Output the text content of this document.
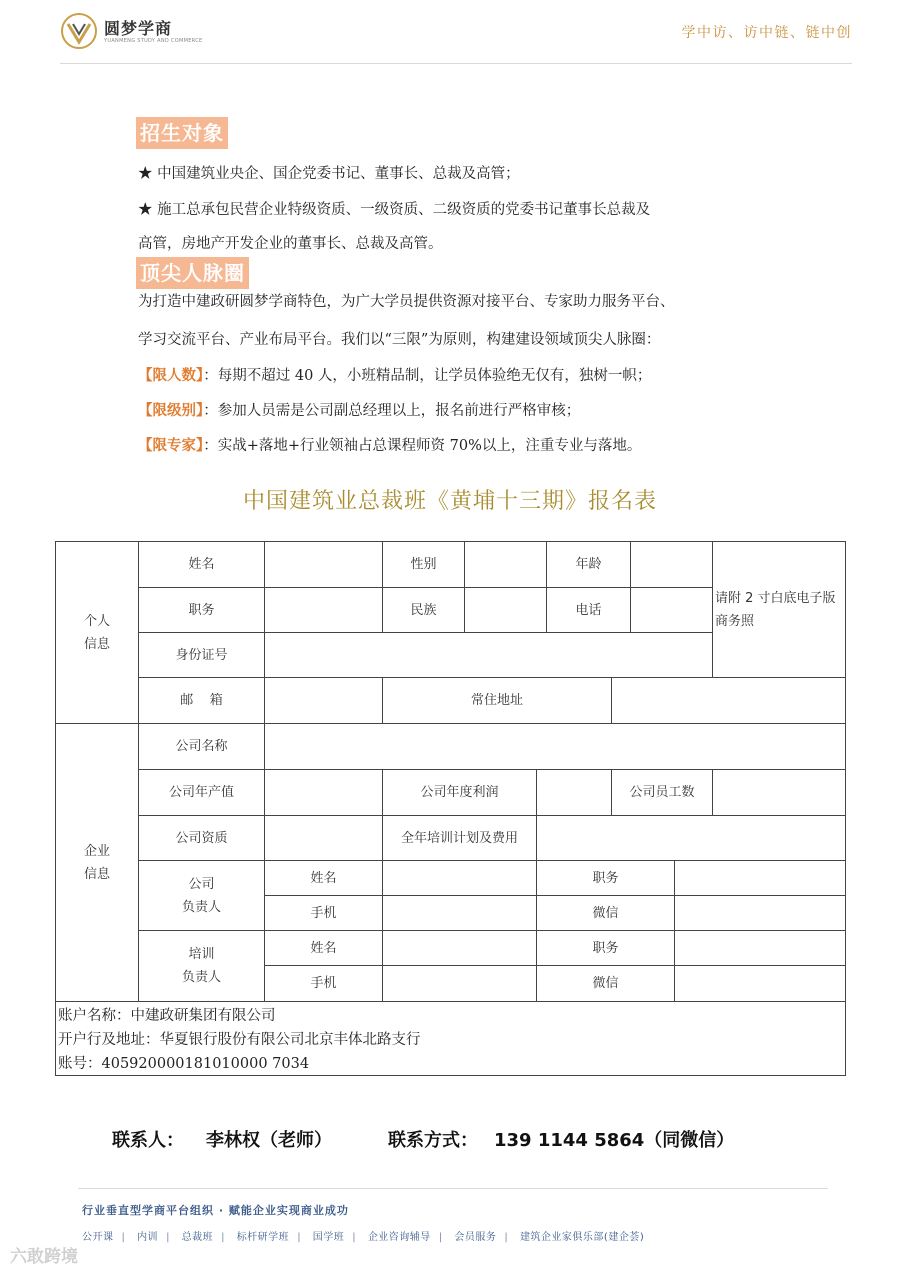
圆梦学商
YUANMENG STUDY AND COMMERCE	学中访、访中链、链中创
招生对象
★ 中国建筑业央企、国企党委书记、董事长、总裁及高管；
★ 施工总承包民营企业特级资质、一级资质、二级资质的党委书记董事长总裁及
高管，房地产开发企业的董事长、总裁及高管。
顶尖人脉圈
为打造中建政研圆梦学商特色，为广大学员提供资源对接平台、专家助力服务平台、
学习交流平台、产业布局平台。我们以“三限”为原则，构建建设领域顶尖人脉圈：
【限人数】：每期不超过 40 人，小班精品制，让学员体验绝无仅有，独树一帜；
【限级别】：参加人员需是公司副总经理以上，报名前进行严格审核；
【限专家】：实战+落地+行业领袖占总课程师资 70%以上，注重专业与落地。
中国建筑业总裁班《黄埔十三期》报名表
个人
信息
姓名	性别	年龄
请附 2 寸白底电子版商务照
职务	民族	电话
身份证号
邮    箱	常住地址
企业
信息
公司名称
公司年产值	公司年度利润	公司员工数
公司资质	全年培训计划及费用
公司
负责人
姓名	职务
手机	微信
培训
负责人
姓名	职务
手机	微信
账户名称：中建政研集团有限公司
开户行及地址：华夏银行股份有限公司北京丰体北路支行
账号：405920000181010000 7034
联系人： 李林权（老师）	联系方式： 139 1144 5864（同微信）
行业垂直型学商平台组织 · 赋能企业实现商业成功
公开课 | 内训 | 总裁班 | 标杆研学班 | 国学班 | 企业咨询辅导 | 会员服务 | 建筑企业家俱乐部(建企荟)
六敢跨境
